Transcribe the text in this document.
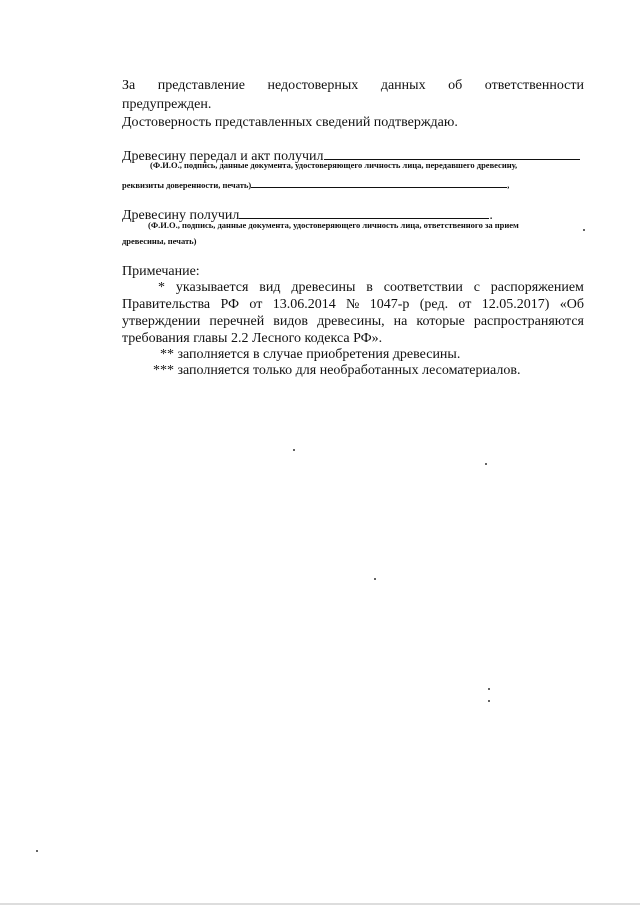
За представление недостоверных данных об ответственности
предупрежден.
Достоверность представленных сведений подтверждаю.
Древесину передал и акт получил
(Ф.И.О., подпись, данные документа, удостоверяющего личность лица, передавшего древесину,
реквизиты доверенности, печать)	,
Древесину получил	.
(Ф.И.О., подпись, данные документа, удостоверяющего личность лица, ответственного за прием
древесины, печать)
Примечание:
* указывается вид древесины в соответствии с распоряжением
Правительства РФ от 13.06.2014 № 1047-р (ред. от 12.05.2017) «Об
утверждении перечней видов древесины, на которые распространяются
требования главы 2.2 Лесного кодекса РФ».
** заполняется в случае приобретения древесины.
*** заполняется только для необработанных лесоматериалов.
